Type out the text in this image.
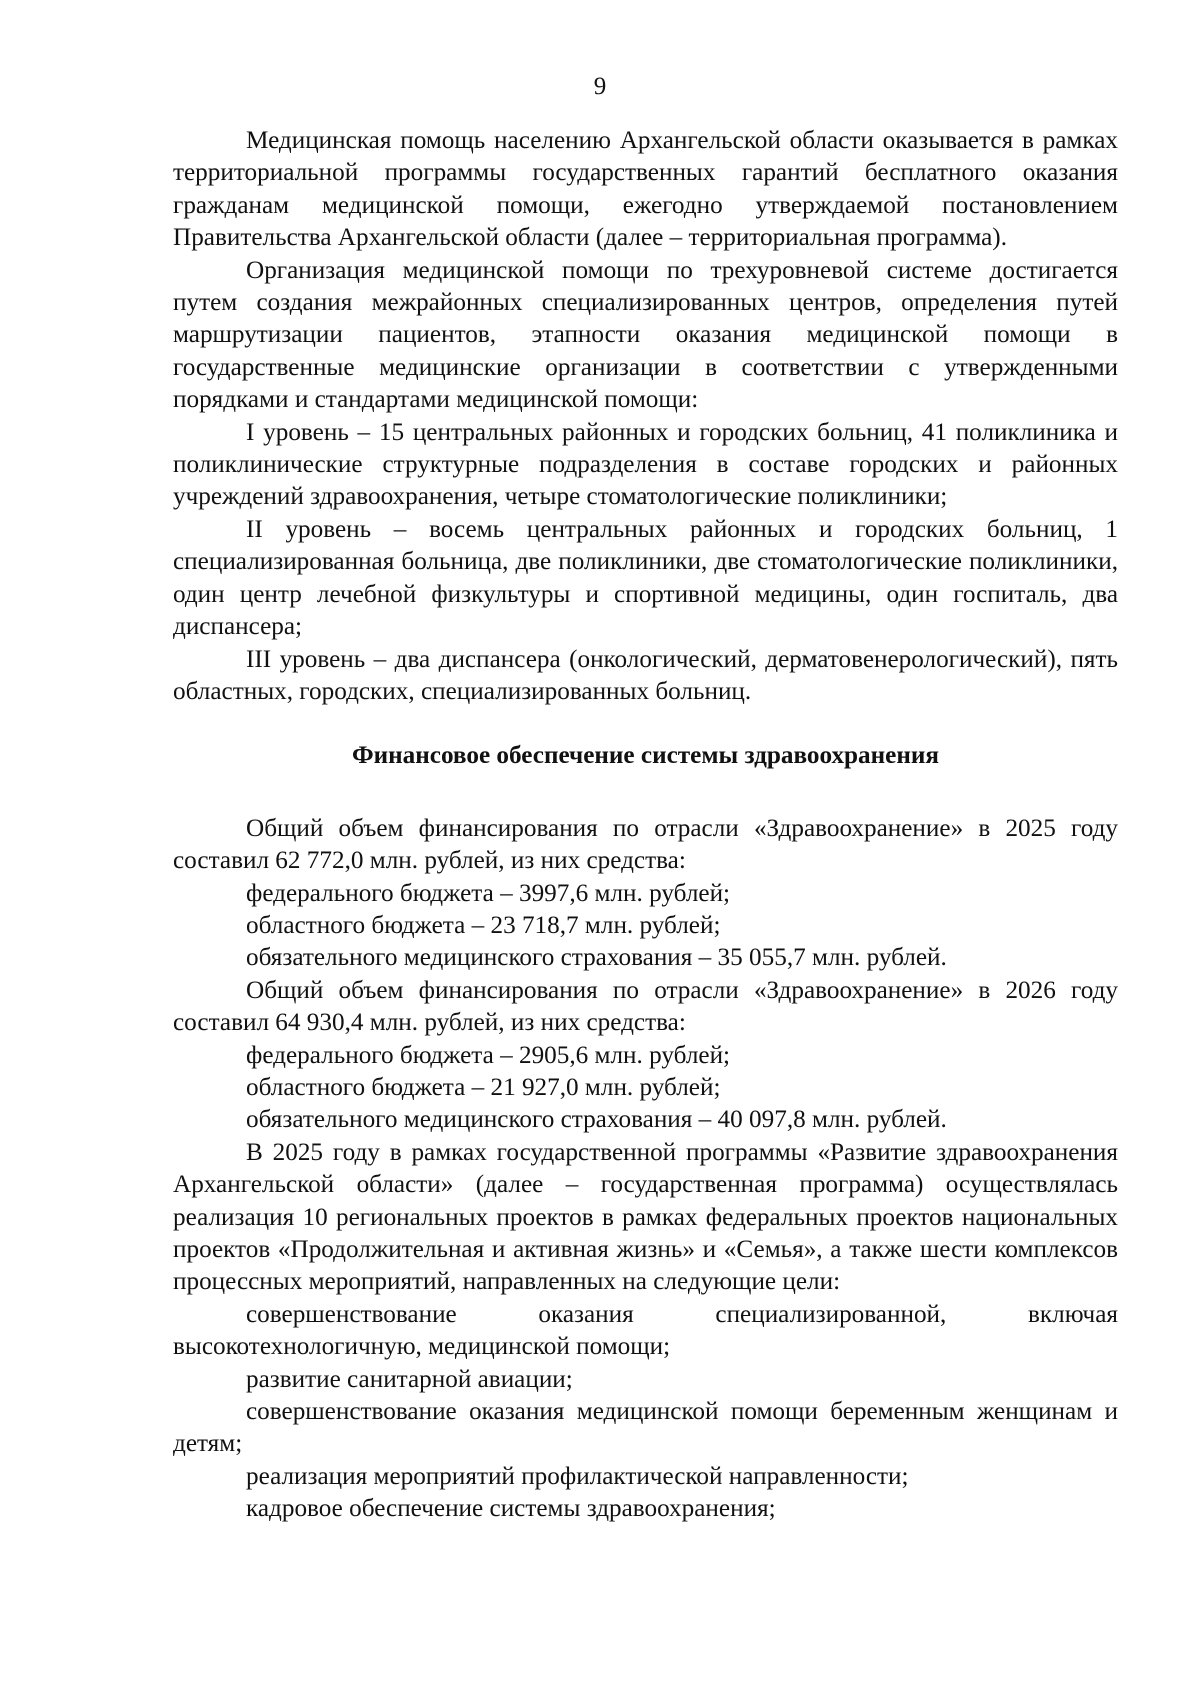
9

Медицинская помощь населению Архангельской области оказывается в рамках территориальной программы государственных гарантий бесплатного оказания гражданам медицинской помощи, ежегодно утверждаемой постановлением Правительства Архангельской области (далее – территориальная программа).

Организация медицинской помощи по трехуровневой системе достигается путем создания межрайонных специализированных центров, определения путей маршрутизации пациентов, этапности оказания медицинской помощи в государственные медицинские организации в соответствии с утвержденными порядками и стандартами медицинской помощи:

I уровень – 15 центральных районных и городских больниц, 41 поликлиника и поликлинические структурные подразделения в составе городских и районных учреждений здравоохранения, четыре стоматологические поликлиники;

II уровень – восемь центральных районных и городских больниц, 1 специализированная больница, две поликлиники, две стоматологические поликлиники, один центр лечебной физкультуры и спортивной медицины, один госпиталь, два диспансера;

III уровень – два диспансера (онкологический, дерматовенерологический), пять областных, городских, специализированных больниц.

Финансовое обеспечение системы здравоохранения

Общий объем финансирования по отрасли «Здравоохранение» в 2025 году составил 62 772,0 млн. рублей, из них средства:

федерального бюджета – 3997,6 млн. рублей;

областного бюджета – 23 718,7 млн. рублей;

обязательного медицинского страхования – 35 055,7 млн. рублей.

Общий объем финансирования по отрасли «Здравоохранение» в 2026 году составил 64 930,4 млн. рублей, из них средства:

федерального бюджета – 2905,6 млн. рублей;

областного бюджета – 21 927,0 млн. рублей;

обязательного медицинского страхования – 40 097,8 млн. рублей.

В 2025 году в рамках государственной программы «Развитие здравоохранения Архангельской области» (далее – государственная программа) осуществлялась реализация 10 региональных проектов в рамках федеральных проектов национальных проектов «Продолжительная и активная жизнь» и «Семья», а также шести комплексов процессных мероприятий, направленных на следующие цели:

совершенствование оказания специализированной, включая высокотехнологичную, медицинской помощи;

развитие санитарной авиации;

совершенствование оказания медицинской помощи беременным женщинам и детям;

реализация мероприятий профилактической направленности;

кадровое обеспечение системы здравоохранения;
